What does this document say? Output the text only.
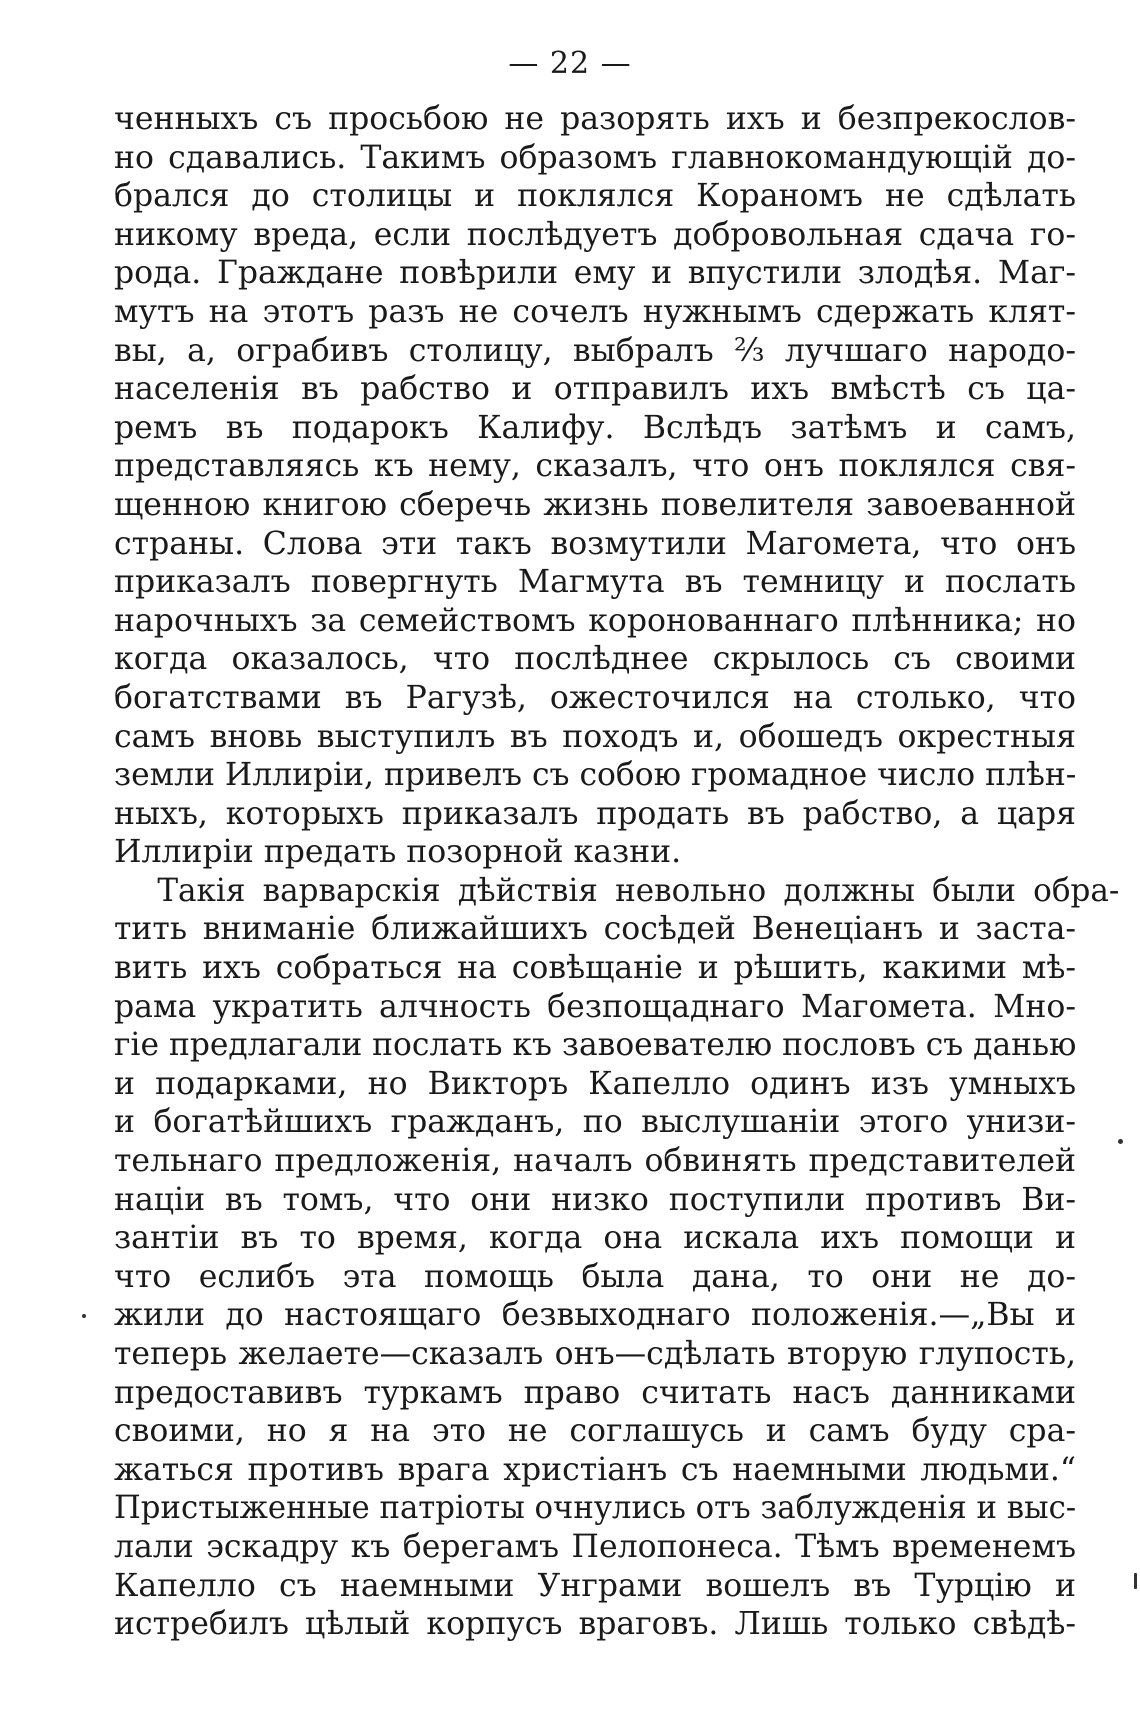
— 22 —
ченныхъ съ просьбою не разорять ихъ и безпрекослов-
но сдавались. Такимъ образомъ главнокомандующій до-
брался до столицы и поклялся Кораномъ не сдѣлать
никому вреда, если послѣдуетъ добровольная сдача го-
рода. Граждане повѣрили ему и впустили злодѣя. Маг-
мутъ на этотъ разъ не сочелъ нужнымъ сдержать клят-
вы, а, ограбивъ столицу, выбралъ ⅔ лучшаго народо-
населенія въ рабство и отправилъ ихъ вмѣстѣ съ ца-
ремъ въ подарокъ Калифу. Вслѣдъ затѣмъ и самъ,
представляясь къ нему, сказалъ, что онъ поклялся свя-
щенною книгою сберечь жизнь повелителя завоеванной
страны. Слова эти такъ возмутили Магомета, что онъ
приказалъ повергнуть Магмута въ темницу и послать
нарочныхъ за семействомъ коронованнаго плѣнника; но
когда оказалось, что послѣднее скрылось съ своими
богатствами въ Рагузѣ, ожесточился на столько, что
самъ вновь выступилъ въ походъ и, обошедъ окрестныя
земли Иллиріи, привелъ съ собою громадное число плѣн-
ныхъ, которыхъ приказалъ продать въ рабство, а царя
Иллиріи предать позорной казни.
Такія варварскія дѣйствія невольно должны были обра-
тить вниманіе ближайшихъ сосѣдей Венеціанъ и заста-
вить ихъ собраться на совѣщаніе и рѣшить, какими мѣ-
рама укратить алчность безпощаднаго Магомета. Мно-
гіе предлагали послать къ завоевателю пословъ съ данью
и подарками, но Викторъ Капелло одинъ изъ умныхъ
и богатѣйшихъ гражданъ, по выслушаніи этого унизи-
тельнаго предложенія, началъ обвинять представителей
націи въ томъ, что они низко поступили противъ Ви-
зантіи въ то время, когда она искала ихъ помощи и
что еслибъ эта помощь была дана, то они не до-
жили до настоящаго безвыходнаго положенія.—„Вы и
теперь желаете—сказалъ онъ—сдѣлать вторую глупость,
предоставивъ туркамъ право считать насъ данниками
своими, но я на это не соглашусь и самъ буду сра-
жаться противъ врага христіанъ съ наемными людьми.“
Пристыженные патріоты очнулись отъ заблужденія и выс-
лали эскадру къ берегамъ Пелопонеса. Тѣмъ временемъ
Капелло съ наемными Унграми вошелъ въ Турцію и
истребилъ цѣлый корпусъ враговъ. Лишь только свѣдѣ-
